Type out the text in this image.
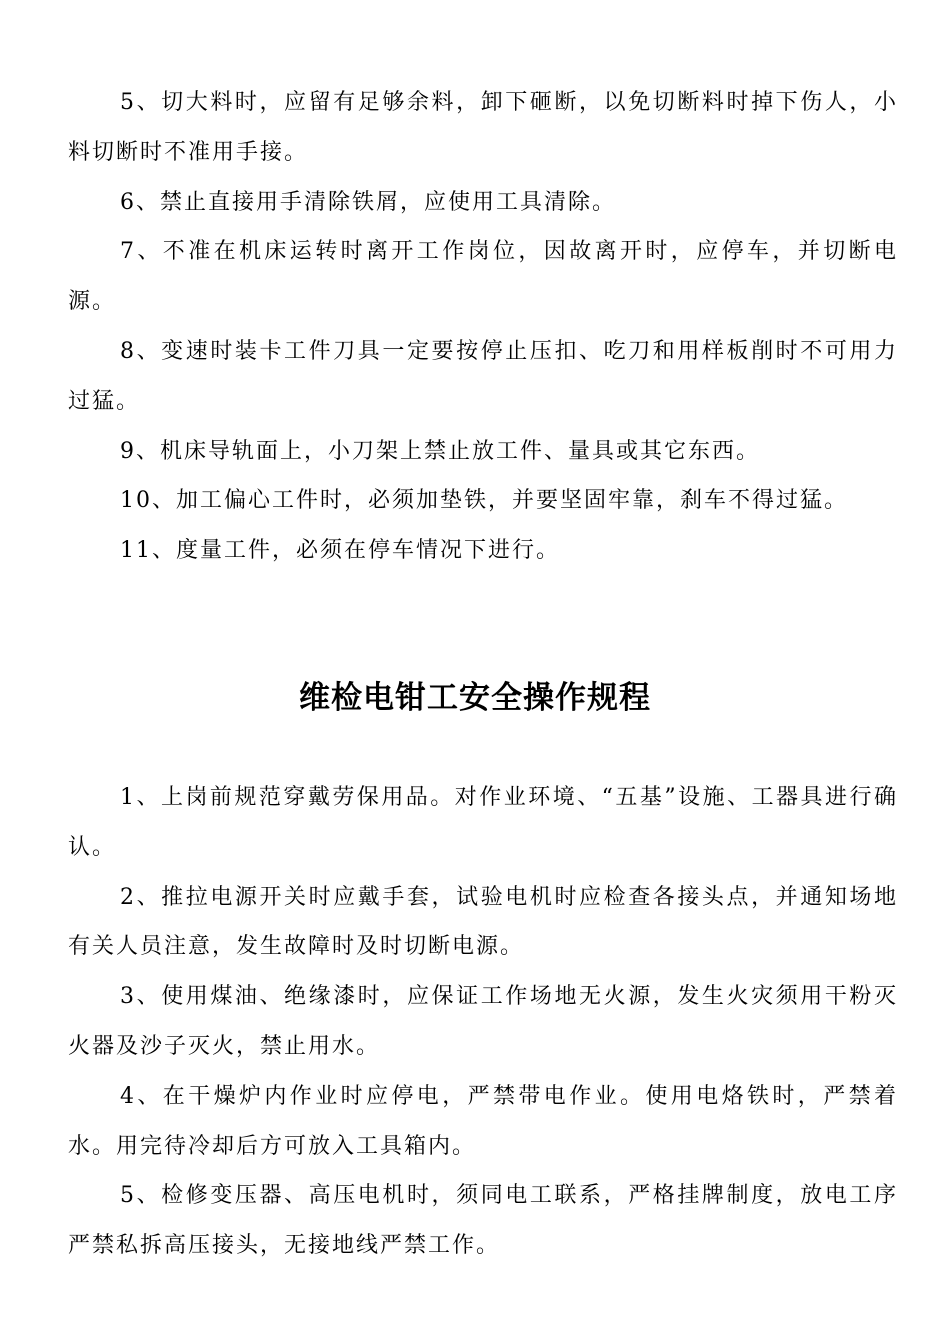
5、切大料时，应留有足够余料，卸下砸断，以免切断料时掉下伤人，小料切断时不准用手接。

6、禁止直接用手清除铁屑，应使用工具清除。

7、不准在机床运转时离开工作岗位，因故离开时，应停车，并切断电源。

8、变速时装卡工件刀具一定要按停止压扣、吃刀和用样板削时不可用力过猛。

9、机床导轨面上，小刀架上禁止放工件、量具或其它东西。

10、加工偏心工件时，必须加垫铁，并要坚固牢靠，刹车不得过猛。

11、度量工件，必须在停车情况下进行。

维检电钳工安全操作规程

1、上岗前规范穿戴劳保用品。对作业环境、“五基”设施、工器具进行确认。

2、推拉电源开关时应戴手套，试验电机时应检查各接头点，并通知场地有关人员注意，发生故障时及时切断电源。

3、使用煤油、绝缘漆时，应保证工作场地无火源，发生火灾须用干粉灭火器及沙子灭火，禁止用水。

4、在干燥炉内作业时应停电，严禁带电作业。使用电烙铁时，严禁着水。用完待冷却后方可放入工具箱内。

5、检修变压器、高压电机时，须同电工联系，严格挂牌制度，放电工序严禁私拆高压接头，无接地线严禁工作。
